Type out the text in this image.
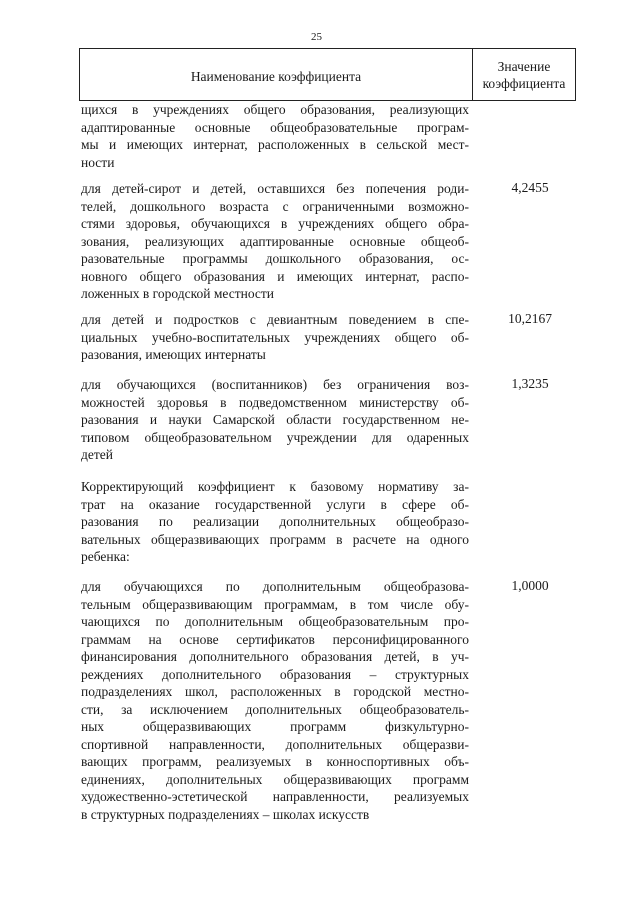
25
Наименование коэффициента
Значение
коэффициента
щихся в учреждениях общего образования, реализующих
адаптированные основные общеобразовательные програм-
мы и имеющих интернат, расположенных в сельской мест-
ности
для детей-сирот и детей, оставшихся без попечения роди-
телей, дошкольного возраста с ограниченными возможно-
стями здоровья, обучающихся в учреждениях общего обра-
зования, реализующих адаптированные основные общеоб-
разовательные программы дошкольного образования, ос-
новного общего образования и имеющих интернат, распо-
ложенных в городской местности
4,2455
для детей и подростков с девиантным поведением в спе-
циальных учебно-воспитательных учреждениях общего об-
разования, имеющих интернаты
10,2167
для обучающихся (воспитанников) без ограничения воз-
можностей здоровья в подведомственном министерству об-
разования и науки Самарской области государственном не-
типовом общеобразовательном учреждении для одаренных
детей
1,3235
Корректирующий коэффициент к базовому нормативу за-
трат на оказание государственной услуги в сфере об-
разования по реализации дополнительных общеобразо-
вательных общеразвивающих программ в расчете на одного
ребенка:
для обучающихся по дополнительным общеобразова-
тельным общеразвивающим программам, в том числе обу-
чающихся по дополнительным общеобразовательным про-
граммам на основе сертификатов персонифицированного
финансирования дополнительного образования детей, в уч-
реждениях дополнительного образования – структурных
подразделениях школ, расположенных в городской местно-
сти, за исключением дополнительных общеобразователь-
ных общеразвивающих программ физкультурно-
спортивной направленности, дополнительных общеразви-
вающих программ, реализуемых в конноспортивных объ-
единениях, дополнительных общеразвивающих программ
художественно-эстетической направленности, реализуемых
в структурных подразделениях – школах искусств
1,0000
